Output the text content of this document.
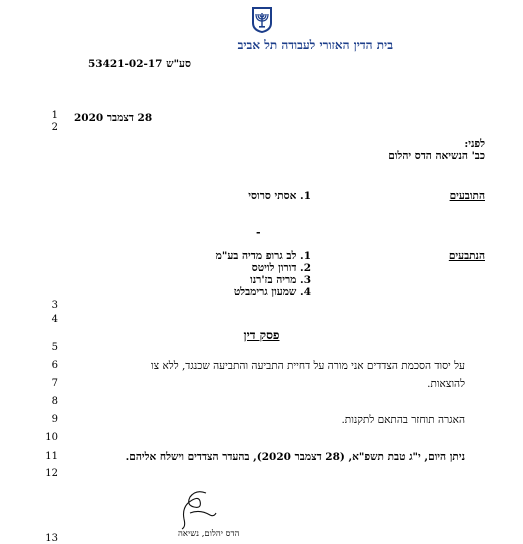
בית הדין האזורי לעבודה תל אביב
סע"ש 53421-02-17
1
2
3
4
5
6
7
8
9
10
11
12
13
28 דצמבר 2020
לפני:
כב' הנשיאה הדס יהלום
התובעים
1. אסתי סרוסי
-
הנתבעים
1. לב גרופ מדיה בע"מ
2. דורון לויטס
3. מריה בז'רנו
4. שמעון גרימבלט
פסק דין
על יסוד הסכמת הצדדים אני מורה על דחיית התביעה והתביעה שכנגד, ללא צו
להוצאות.
האגרה תוחזר בהתאם לתקנות.
ניתן היום, י"ג טבת תשפ"א, (28 דצמבר 2020), בהעדר הצדדים וישלח אליהם.
הדס יהלום, נשיאה
